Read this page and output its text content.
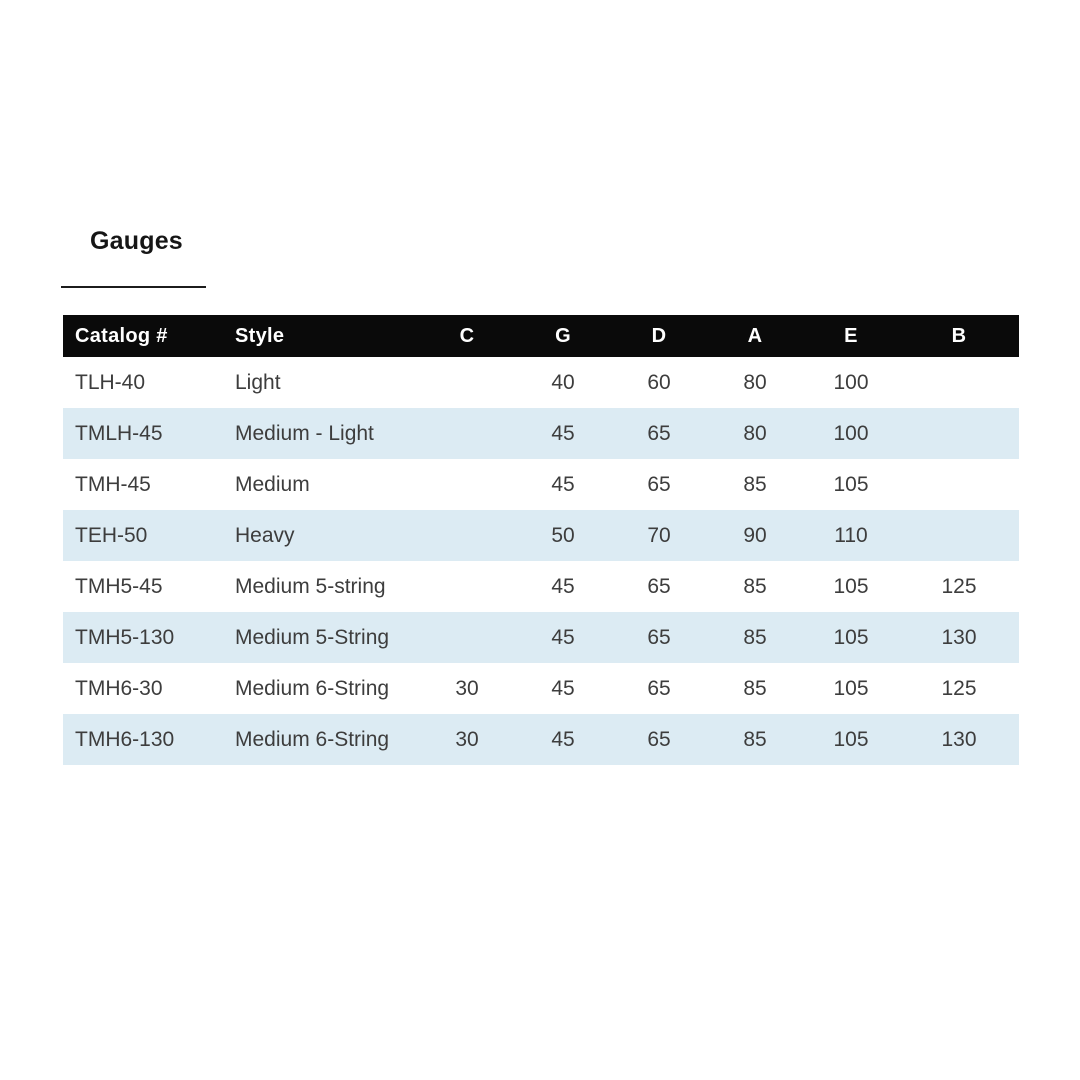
Gauges
Catalog #	Style	C	G	D	A	E	B
TLH-40	Light		40	60	80	100	
TMLH-45	Medium - Light		45	65	80	100	
TMH-45	Medium		45	65	85	105	
TEH-50	Heavy		50	70	90	110	
TMH5-45	Medium 5-string		45	65	85	105	125
TMH5-130	Medium 5-String		45	65	85	105	130
TMH6-30	Medium 6-String	30	45	65	85	105	125
TMH6-130	Medium 6-String	30	45	65	85	105	130
